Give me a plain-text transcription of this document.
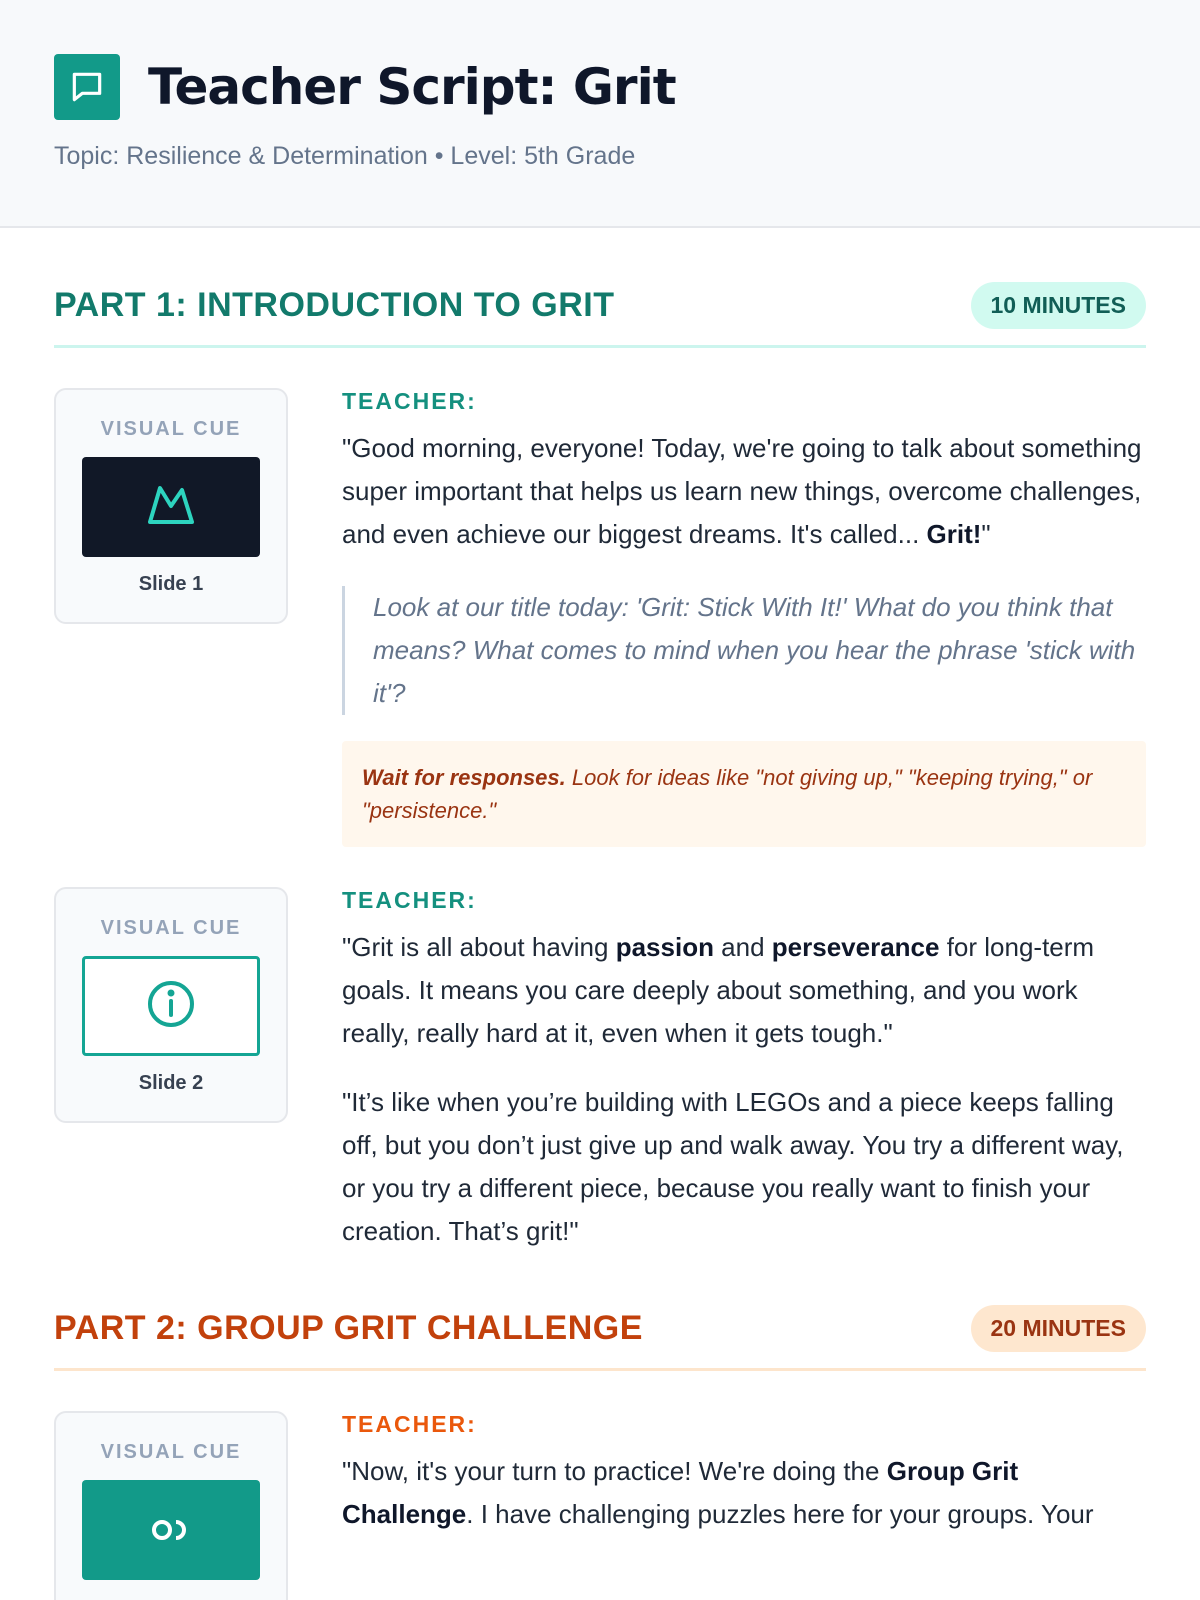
Teacher Script: Grit
Topic: Resilience & Determination • Level: 5th Grade
PART 1: INTRODUCTION TO GRIT	10 MINUTES
VISUAL CUE
Slide 1
TEACHER:

"Good morning, everyone! Today, we're going to talk about something super important that helps us learn new things, overcome challenges, and even achieve our biggest dreams. It's called... Grit!"

Look at our title today: 'Grit: Stick With It!' What do you think that means? What comes to mind when you hear the phrase 'stick with it'?
Wait for responses. Look for ideas like "not giving up," "keeping trying," or "persistence."
VISUAL CUE
Slide 2
TEACHER:

"Grit is all about having passion and perseverance for long-term goals. It means you care deeply about something, and you work really, really hard at it, even when it gets tough."

"It’s like when you’re building with LEGOs and a piece keeps falling off, but you don’t just give up and walk away. You try a different way, or you try a different piece, because you really want to finish your creation. That’s grit!"

PART 2: GROUP GRIT CHALLENGE	20 MINUTES
VISUAL CUE
TEACHER:

"Now, it's your turn to practice! We're doing the Group Grit Challenge. I have challenging puzzles here for your groups. Your
